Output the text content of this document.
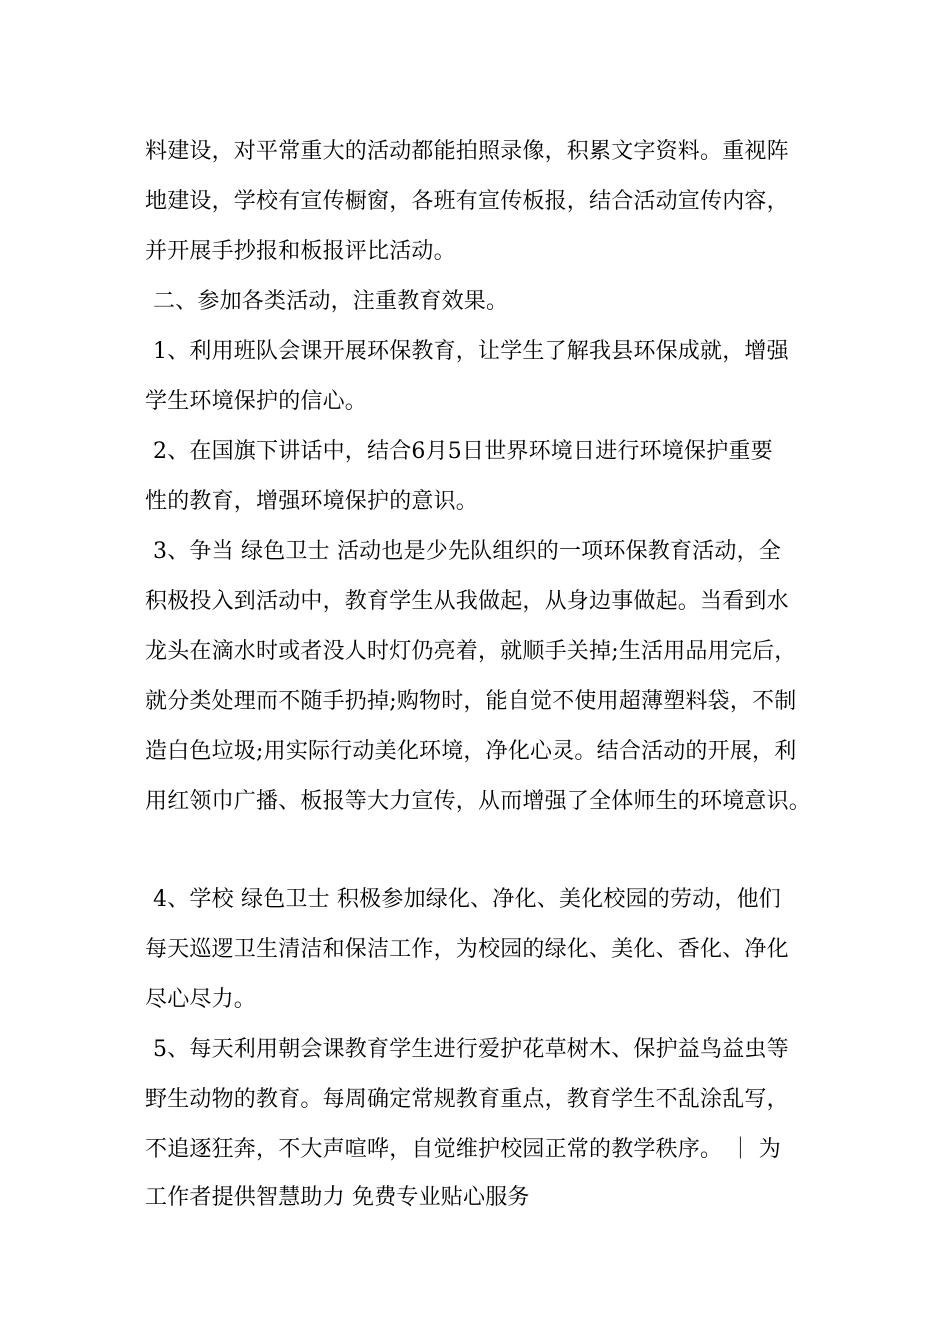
料建设，对平常重大的活动都能拍照录像，积累文字资料。重视阵
地建设，学校有宣传橱窗，各班有宣传板报，结合活动宣传内容，
并开展手抄报和板报评比活动。
二、参加各类活动，注重教育效果。
1、利用班队会课开展环保教育，让学生了解我县环保成就，增强
学生环境保护的信心。
2、在国旗下讲话中，结合6月5日世界环境日进行环境保护重要
性的教育，增强环境保护的意识。
3、争当 绿色卫士 活动也是少先队组织的一项环保教育活动，全
积极投入到活动中，教育学生从我做起，从身边事做起。当看到水
龙头在滴水时或者没人时灯仍亮着，就顺手关掉;生活用品用完后，
就分类处理而不随手扔掉;购物时，能自觉不使用超薄塑料袋，不制
造白色垃圾;用实际行动美化环境，净化心灵。结合活动的开展，利
用红领巾广播、板报等大力宣传，从而增强了全体师生的环境意识。
4、学校 绿色卫士 积极参加绿化、净化、美化校园的劳动，他们
每天巡逻卫生清洁和保洁工作，为校园的绿化、美化、香化、净化
尽心尽力。
5、每天利用朝会课教育学生进行爱护花草树木、保护益鸟益虫等
野生动物的教育。每周确定常规教育重点，教育学生不乱涂乱写，
不追逐狂奔，不大声喧哗，自觉维护校园正常的教学秩序。 ｜ 为
工作者提供智慧助力 免费专业贴心服务
